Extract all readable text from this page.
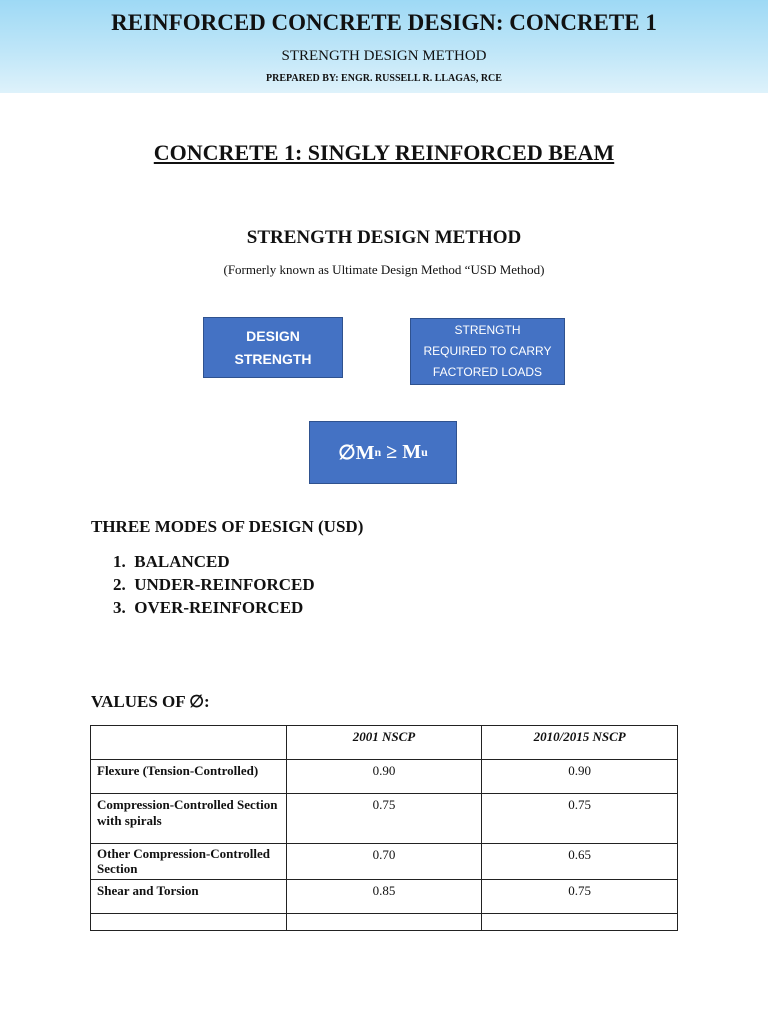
REINFORCED CONCRETE DESIGN: CONCRETE 1
STRENGTH DESIGN METHOD
PREPARED BY: ENGR. RUSSELL R. LLAGAS, RCE
CONCRETE 1: SINGLY REINFORCED BEAM
STRENGTH DESIGN METHOD
(Formerly known as Ultimate Design Method “USD Method)
DESIGN
STRENGTH
STRENGTH
REQUIRED TO CARRY
FACTORED LOADS
∅M n ≥ M u
THREE MODES OF DESIGN (USD)
1.  BALANCED
2.  UNDER-REINFORCED
3.  OVER-REINFORCED
VALUES OF ∅:
	2001 NSCP	2010/2015 NSCP
Flexure (Tension-Controlled)	0.90	0.90
Compression-Controlled Section with spirals	0.75	0.75
Other Compression-Controlled Section	0.70	0.65
Shear and Torsion	0.85	0.75
